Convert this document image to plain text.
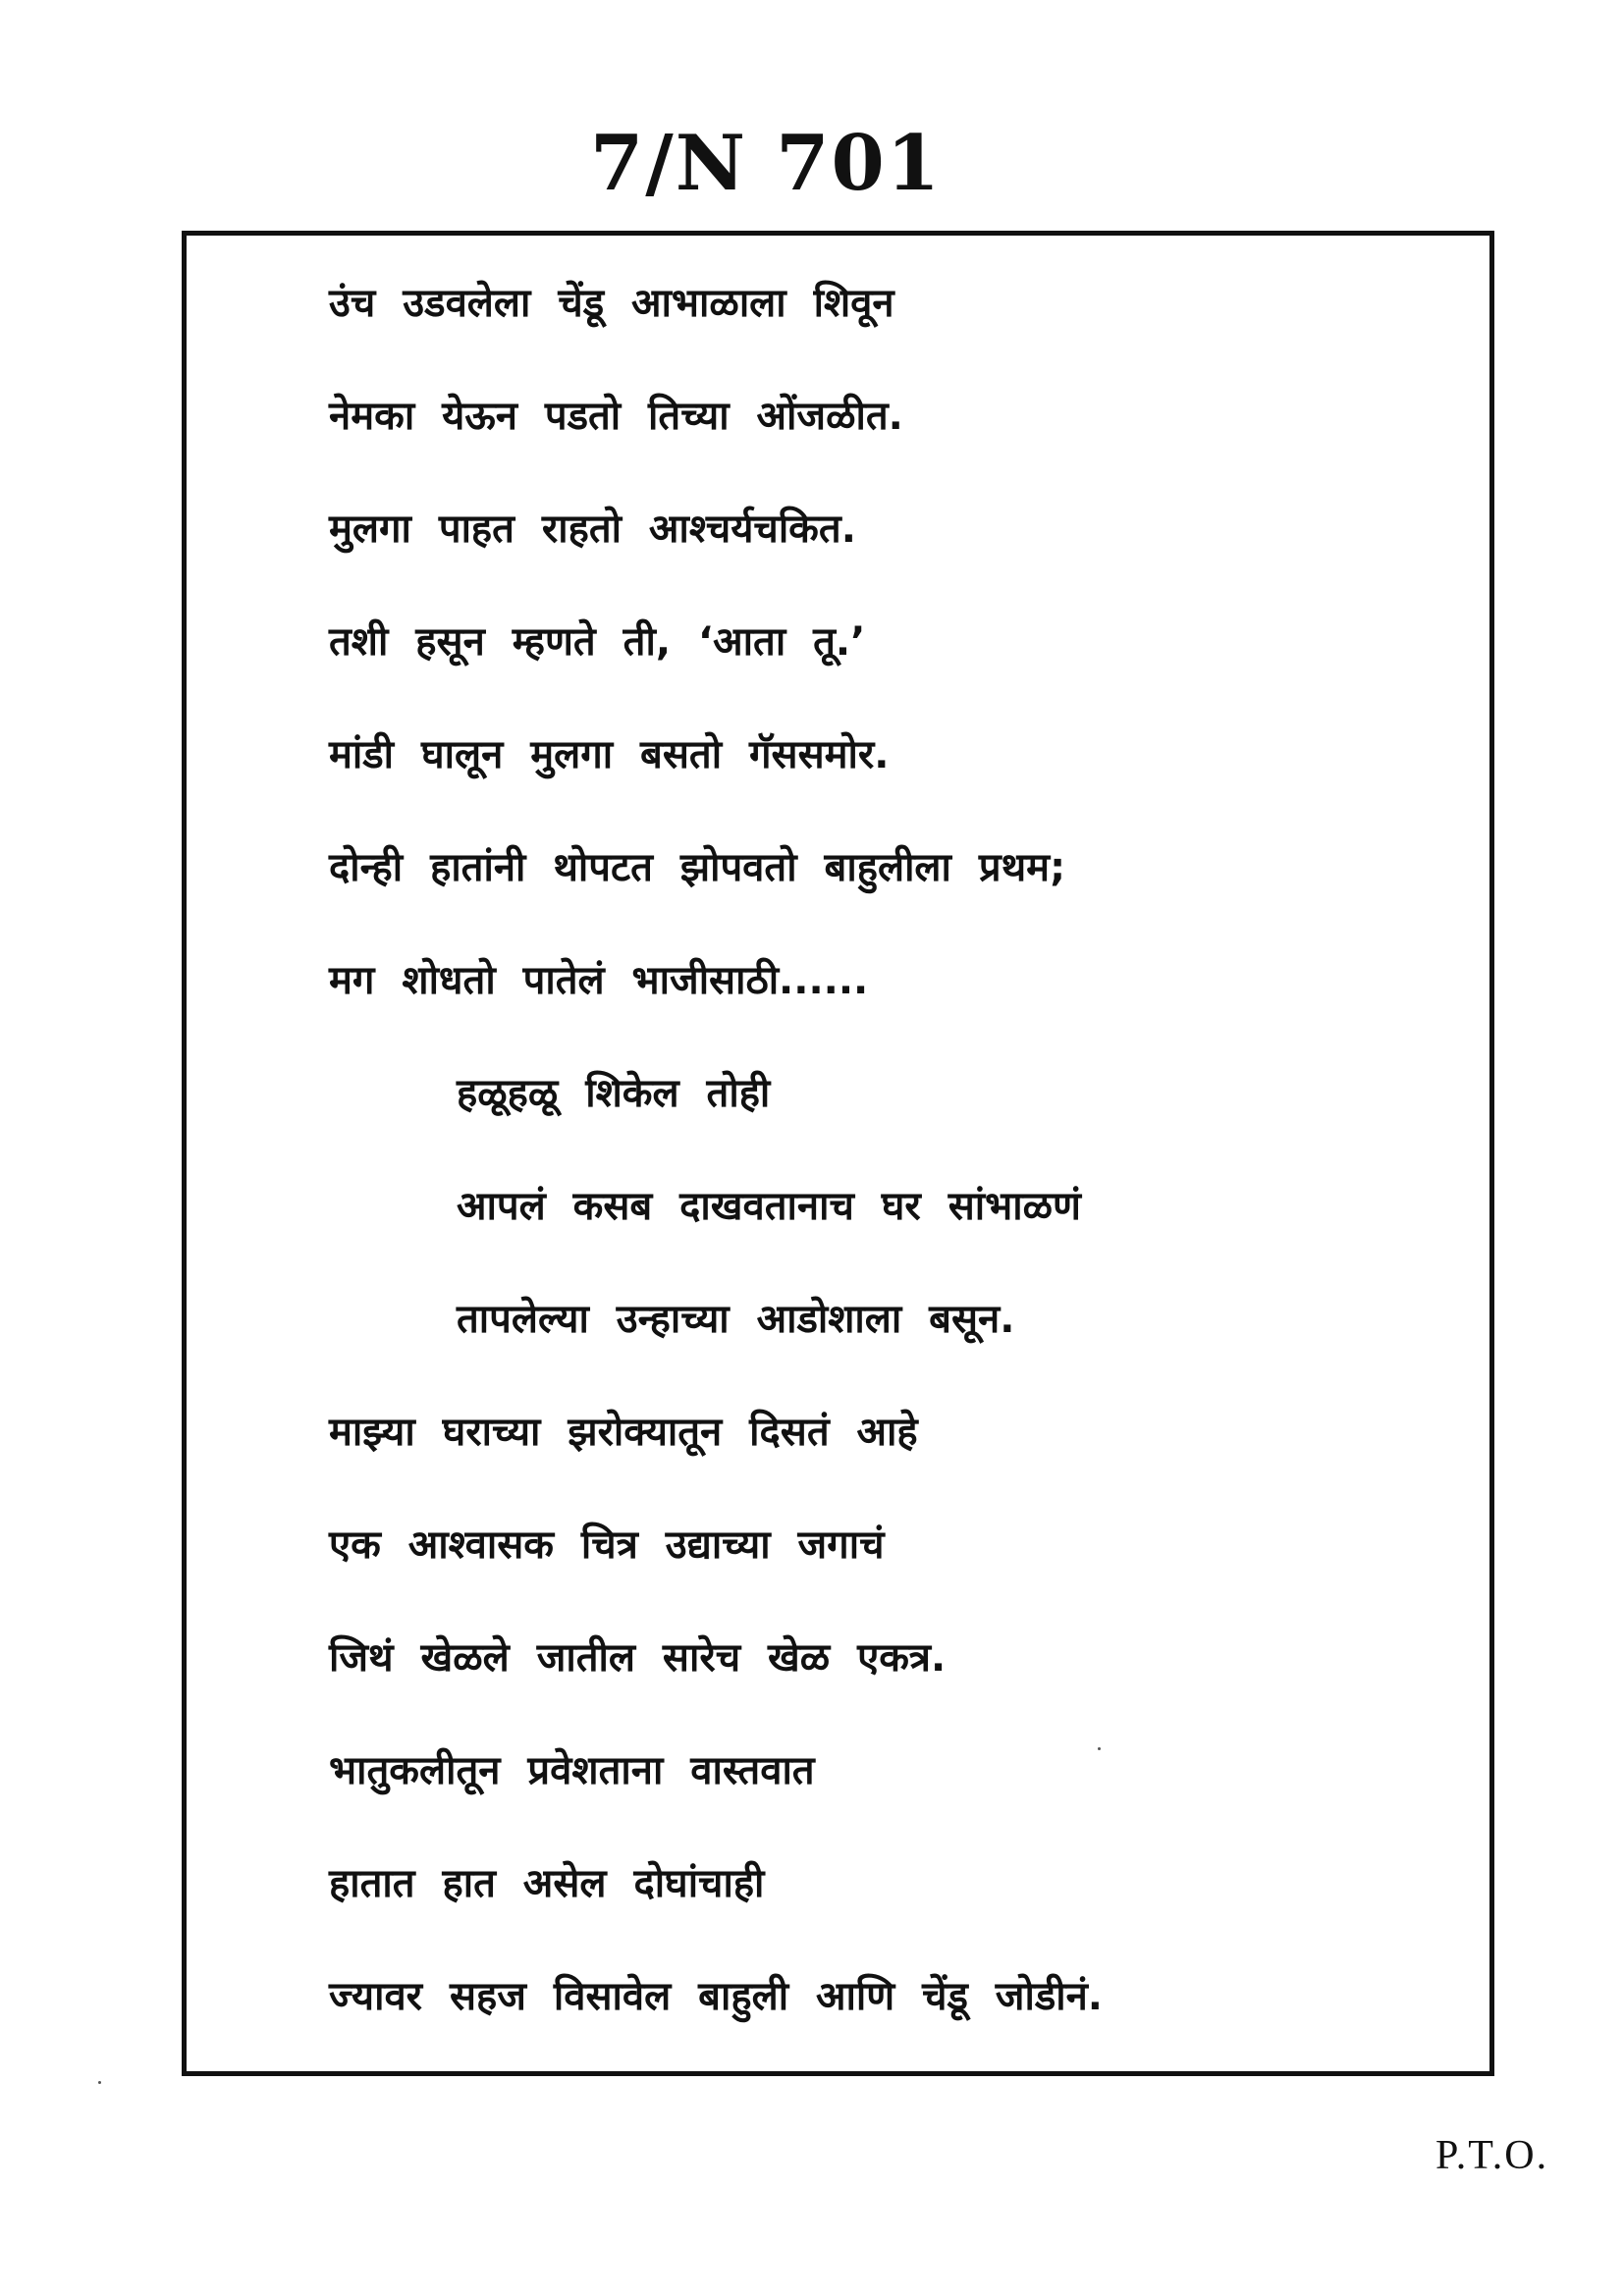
7/N 701
उंच उडवलेला चेंडू आभाळाला शिवून
नेमका येऊन पडतो तिच्या ओंजळीत.
मुलगा पाहत राहतो आश्चर्यचकित.
तशी हसून म्हणते ती, ‘आता तू.’
मांडी घालून मुलगा बसतो गॅससमोर.
दोन्ही हातांनी थोपटत झोपवतो बाहुलीला प्रथम;
मग शोधतो पातेलं भाजीसाठी......
हळूहळू शिकेल तोही
आपलं कसब दाखवतानाच घर सांभाळणं
तापलेल्या उन्हाच्या आडोशाला बसून.
माझ्या घराच्या झरोक्यातून दिसतं आहे
एक आश्वासक चित्र उद्याच्या जगाचं
जिथं खेळले जातील सारेच खेळ एकत्र.
भातुकलीतून प्रवेशताना वास्तवात
हातात हात असेल दोघांचाही
ज्यावर सहज विसावेल बाहुली आणि चेंडू जोडीनं.
P.T.O.
